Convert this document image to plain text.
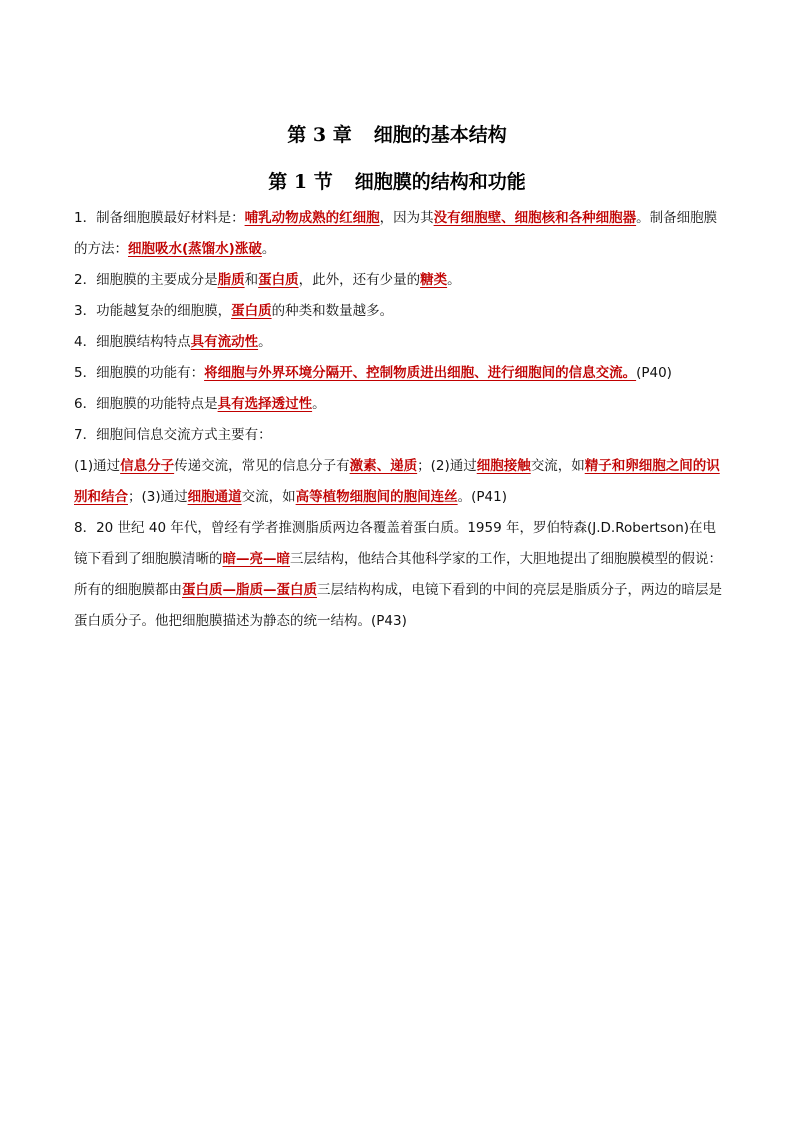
第 3 章 细胞的基本结构
第 1 节 细胞膜的结构和功能

1．制备细胞膜最好材料是：哺乳动物成熟的红细胞，因为其没有细胞壁、细胞核和各种细胞器。制备细胞膜的方法：细胞吸水(蒸馏水)涨破。

2．细胞膜的主要成分是脂质和蛋白质，此外，还有少量的糖类。

3．功能越复杂的细胞膜，蛋白质的种类和数量越多。

4．细胞膜结构特点具有流动性。

5．细胞膜的功能有：将细胞与外界环境分隔开、控制物质进出细胞、进行细胞间的信息交流。(P40)

6．细胞膜的功能特点是具有选择透过性。

7．细胞间信息交流方式主要有：

(1)通过信息分子传递交流，常见的信息分子有激素、递质；(2)通过细胞接触交流，如精子和卵细胞之间的识别和结合；(3)通过细胞通道交流，如高等植物细胞间的胞间连丝。(P41)

8．20 世纪 40 年代，曾经有学者推测脂质两边各覆盖着蛋白质。1959 年，罗伯特森(J.D.Robertson)在电镜下看到了细胞膜清晰的暗—亮—暗三层结构，他结合其他科学家的工作，大胆地提出了细胞膜模型的假说：所有的细胞膜都由蛋白质—脂质—蛋白质三层结构构成，电镜下看到的中间的亮层是脂质分子，两边的暗层是蛋白质分子。他把细胞膜描述为静态的统一结构。(P43)
